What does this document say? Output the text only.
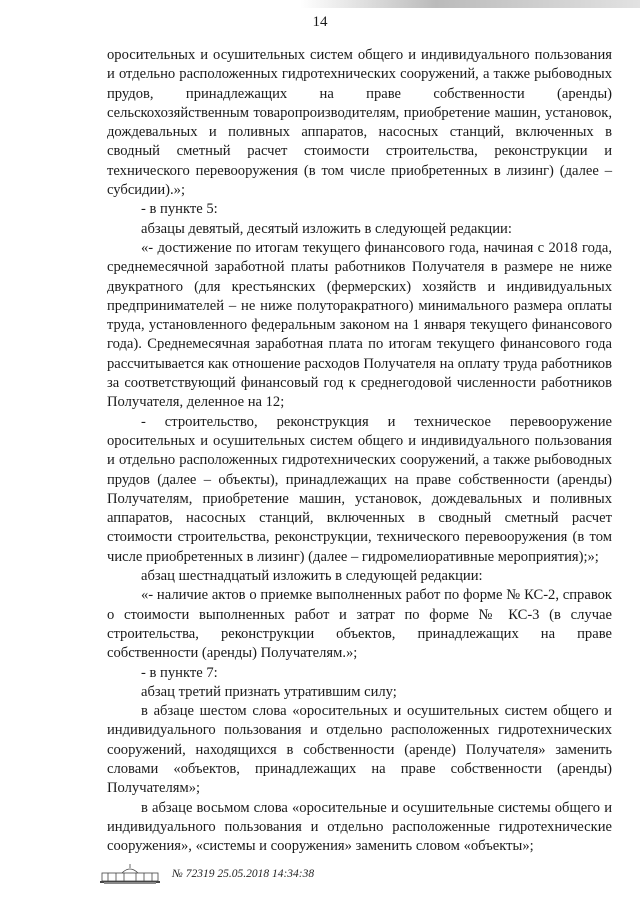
14

оросительных и осушительных систем общего и индивидуального пользования и отдельно расположенных гидротехнических сооружений, а также рыбоводных прудов, принадлежащих на праве собственности (аренды) сельскохозяйственным товаропроизводителям, приобретение машин, установок, дождевальных и поливных аппаратов, насосных станций, включенных в сводный сметный расчет стоимости строительства, реконструкции и технического перевооружения (в том числе приобретенных в лизинг) (далее – субсидии).»;

- в пункте 5:

абзацы девятый, десятый изложить в следующей редакции:

«- достижение по итогам текущего финансового года, начиная с 2018 года, среднемесячной заработной платы работников Получателя в размере не ниже двукратного (для крестьянских (фермерских) хозяйств и индивидуальных предпринимателей – не ниже полуторакратного) минимального размера оплаты труда, установленного федеральным законом на 1 января текущего финансового года). Среднемесячная заработная плата по итогам текущего финансового года рассчитывается как отношение расходов Получателя на оплату труда работников за соответствующий финансовый год к среднегодовой численности работников Получателя, деленное на 12;

- строительство, реконструкция и техническое перевооружение оросительных и осушительных систем общего и индивидуального пользования и отдельно расположенных гидротехнических сооружений, а также рыбоводных прудов (далее – объекты), принадлежащих на праве собственности (аренды) Получателям, приобретение машин, установок, дождевальных и поливных аппаратов, насосных станций, включенных в сводный сметный расчет стоимости строительства, реконструкции, технического перевооружения (в том числе приобретенных в лизинг) (далее – гидромелиоративные мероприятия);»;

абзац шестнадцатый изложить в следующей редакции:

«- наличие актов о приемке выполненных работ по форме № КС-2, справок о стоимости выполненных работ и затрат по форме № КС-3 (в случае строительства, реконструкции объектов, принадлежащих на праве собственности (аренды) Получателям.»;

- в пункте 7:

абзац третий признать утратившим силу;

в абзаце шестом слова «оросительных и осушительных систем общего и индивидуального пользования и отдельно расположенных гидротехнических сооружений, находящихся в собственности (аренде) Получателя» заменить словами «объектов, принадлежащих на праве собственности (аренды) Получателям»;

в абзаце восьмом слова «оросительные и осушительные системы общего и индивидуального пользования и отдельно расположенные гидротехнические сооружения», «системы и сооружения» заменить словом «объекты»;

№ 72319 25.05.2018 14:34:38
